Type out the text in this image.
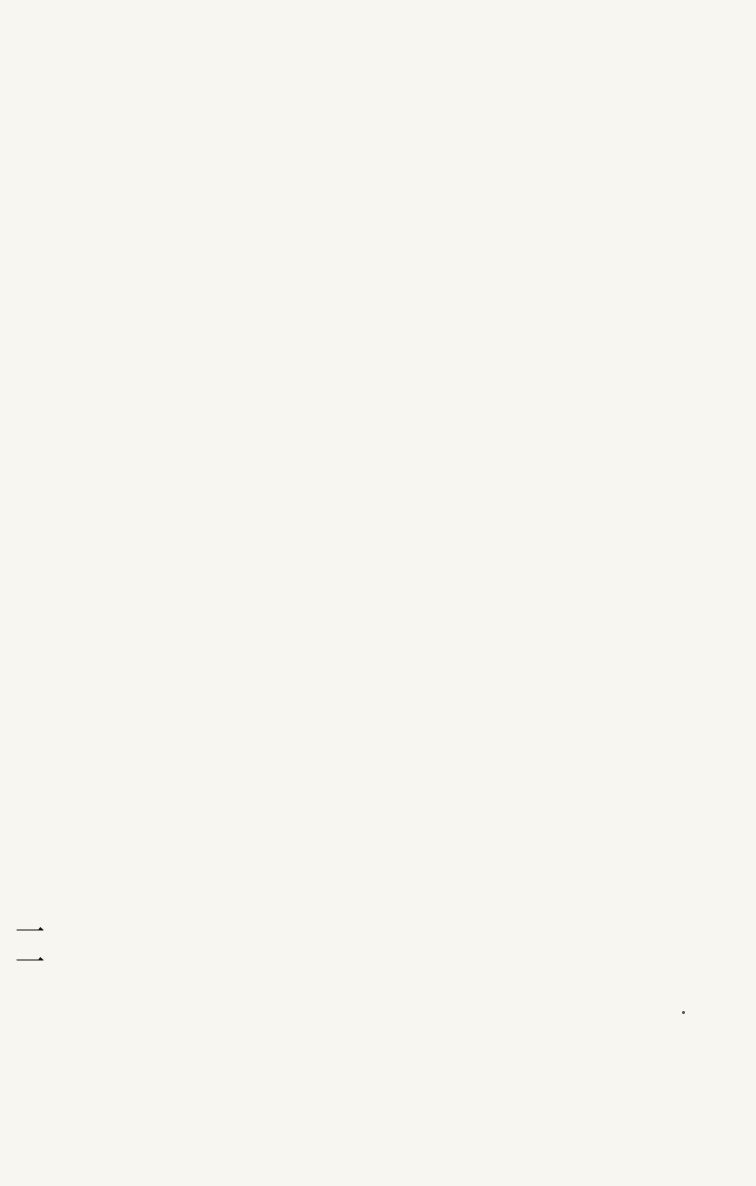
一一
